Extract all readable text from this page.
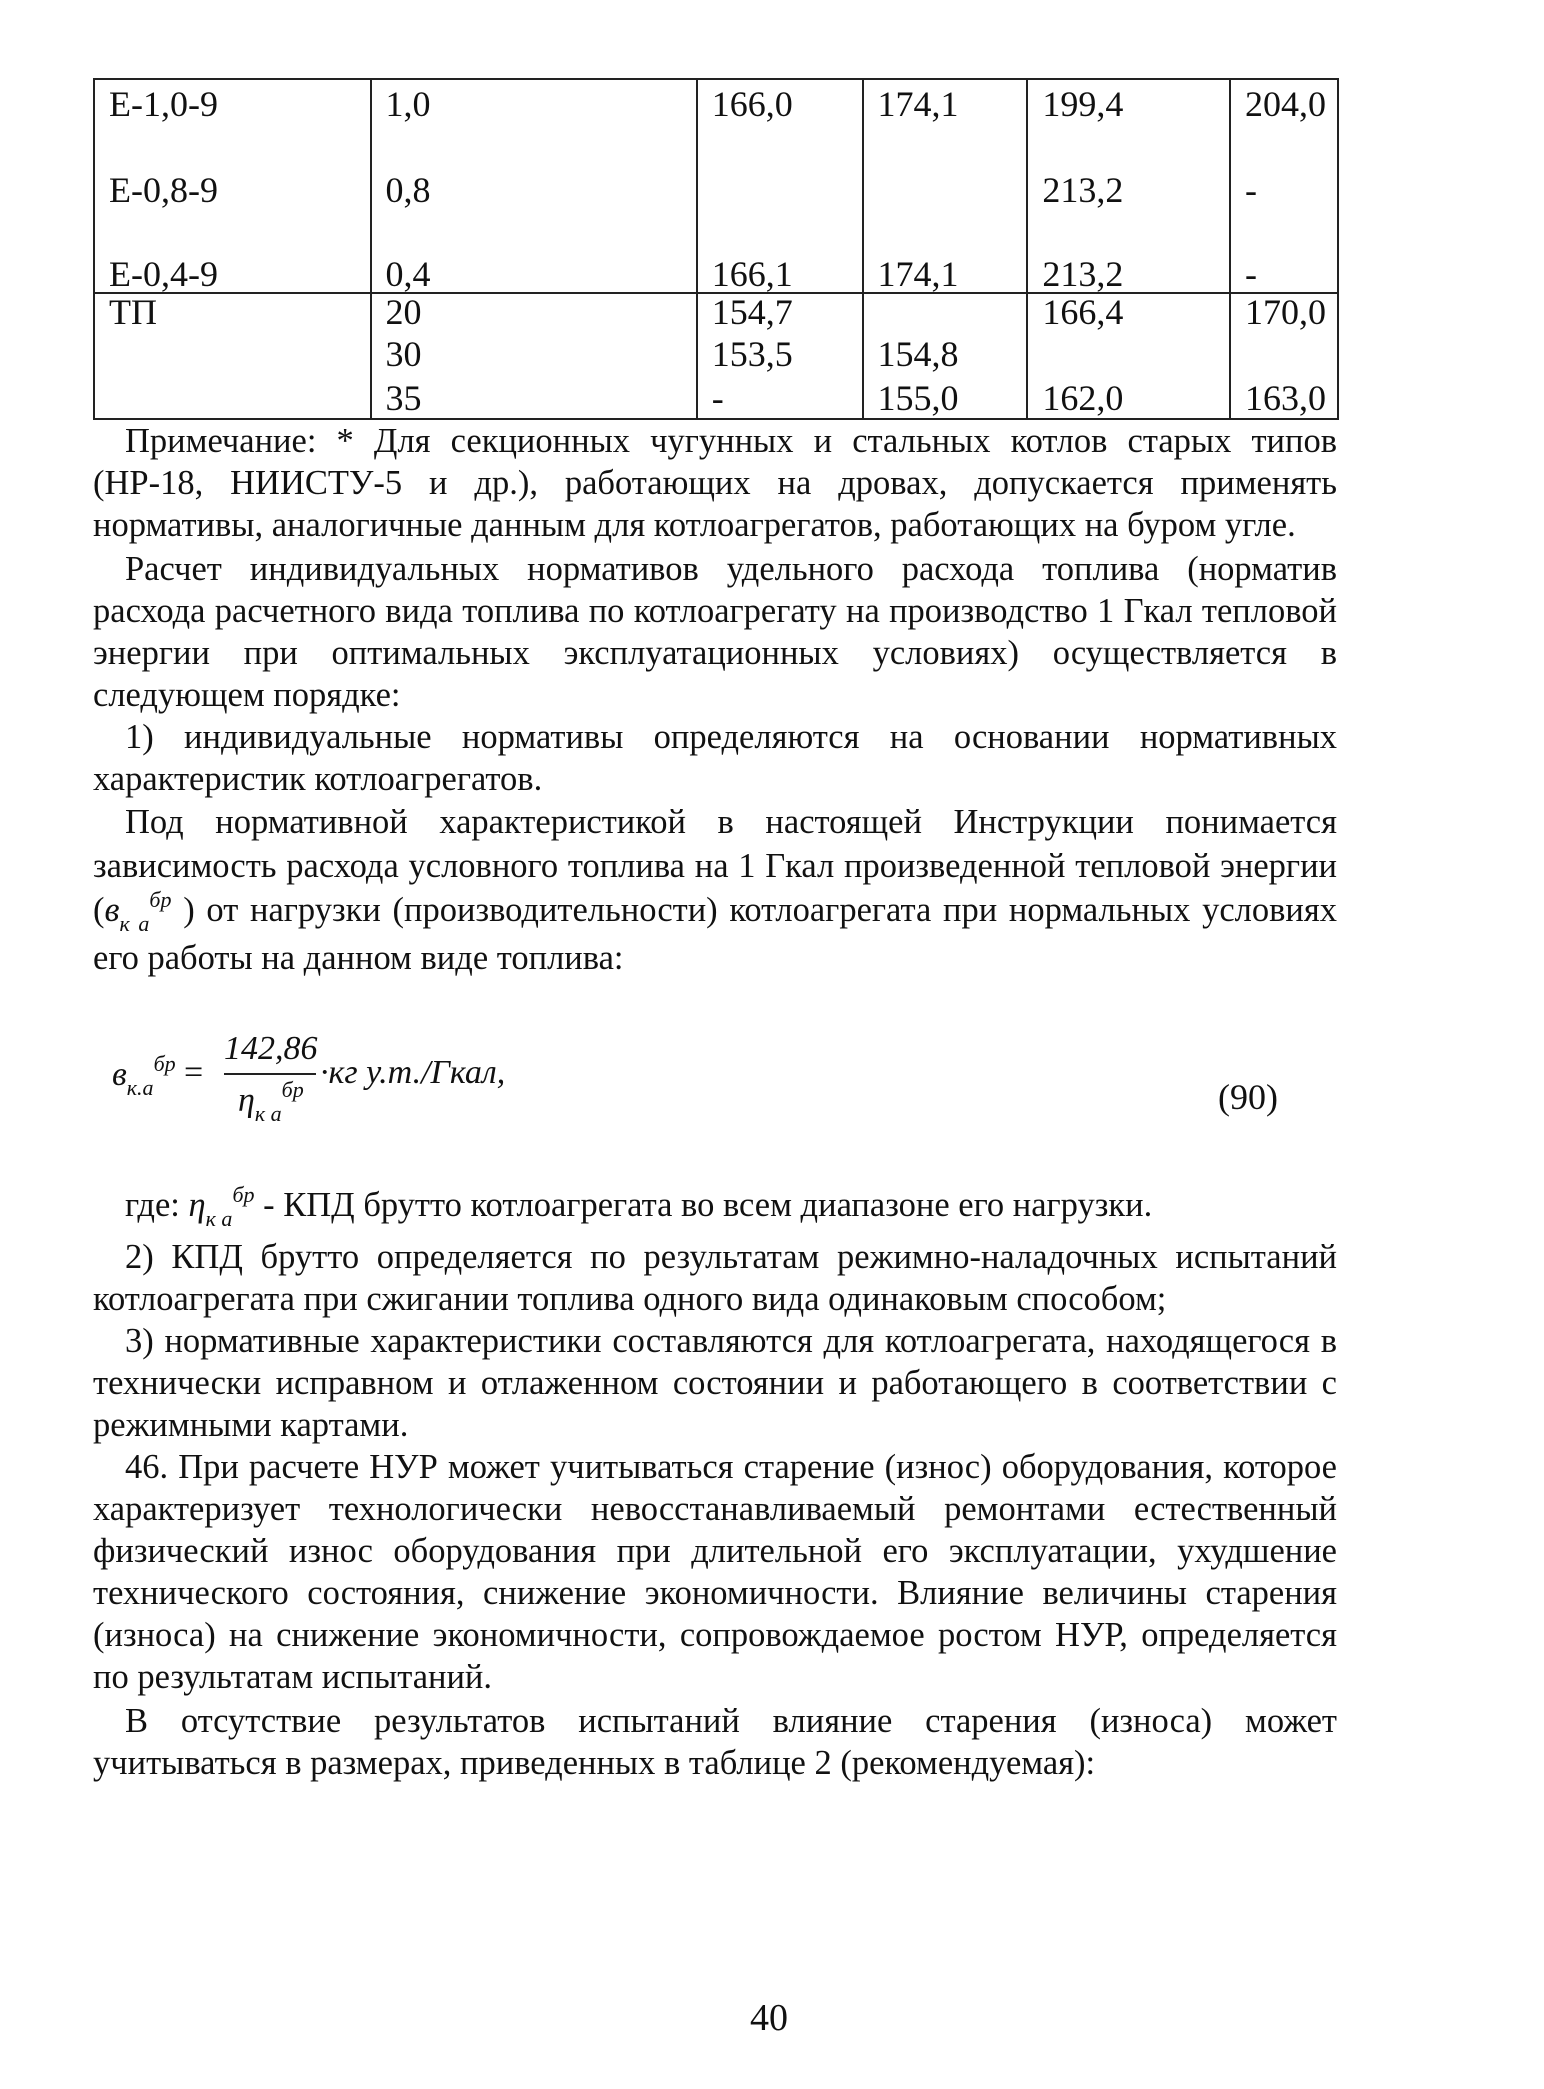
Е-1,0-9	1,0	166,0	174,1	199,4	204,0
Е-0,8-9	0,8			213,2	-
Е-0,4-9	0,4	166,1	174,1	213,2	-
ТП	20	154,7		166,4	170,0
	30	153,5	154,8		
	35	-	155,0	162,0	163,0
Примечание: * Для секционных чугунных и стальных котлов старых типов (НР-18, НИИСТУ-5 и др.), работающих на дровах, допускается применять нормативы, аналогичные данным для котлоагрегатов, работающих на буром угле.
Расчет индивидуальных нормативов удельного расхода топлива (норматив расхода расчетного вида топлива по котлоагрегату на производство 1 Гкал тепловой энергии при оптимальных эксплуатационных условиях) осуществляется в следующем порядке:
1) индивидуальные нормативы определяются на основании нормативных характеристик котлоагрегатов.
Под нормативной характеристикой в настоящей Инструкции понимается зависимость расхода условного топлива на 1 Гкал произведенной тепловой энергии ($в_{к а}^{бр}$ ) от нагрузки (производительности) котлоагрегата при нормальных условиях его работы на данном виде топлива:
$в_{к.а}^{бр}$ =
142,86
$\eta_{к а}^{бр} \cdot кг$ у.т./Гкал,
(90)
где: $\eta_{к а}^{бр}$ - КПД брутто котлоагрегата во всем диапазоне его нагрузки.
2) КПД брутто определяется по результатам режимно-наладочных испытаний котлоагрегата при сжигании топлива одного вида одинаковым способом;
3) нормативные характеристики составляются для котлоагрегата, находящегося в технически исправном и отлаженном состоянии и работающего в соответствии с режимными картами.
46. При расчете НУР может учитываться старение (износ) оборудования, которое характеризует технологически невосстанавливаемый ремонтами естественный физический износ оборудования при длительной его эксплуатации, ухудшение технического состояния, снижение экономичности. Влияние величины старения (износа) на снижение экономичности, сопровождаемое ростом НУР, определяется по результатам испытаний.
В отсутствие результатов испытаний влияние старения (износа) может учитываться в размерах, приведенных в таблице 2 (рекомендуемая):
40
